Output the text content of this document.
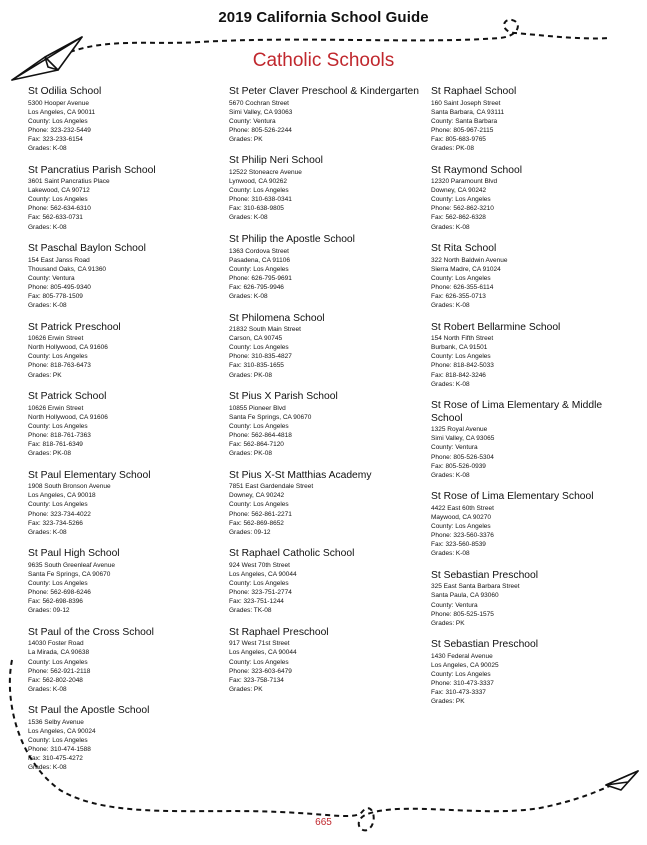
2019 California School Guide
Catholic Schools
St Odilia School
5300 Hooper Avenue
Los Angeles, CA 90011
County: Los Angeles
Phone: 323-232-5449
Fax: 323-233-6154
Grades: K-08
St Pancratius Parish School
3601 Saint Pancratius Place
Lakewood, CA 90712
County: Los Angeles
Phone: 562-634-6310
Fax: 562-633-0731
Grades: K-08
St Paschal Baylon School
154 East Janss Road
Thousand Oaks, CA 91360
County: Ventura
Phone: 805-495-9340
Fax: 805-778-1509
Grades: K-08
St Patrick Preschool
10626 Erwin Street
North Hollywood, CA 91606
County: Los Angeles
Phone: 818-763-6473
Grades: PK
St Patrick School
10626 Erwin Street
North Hollywood, CA 91606
County: Los Angeles
Phone: 818-761-7363
Fax: 818-761-6349
Grades: PK-08
St Paul Elementary School
1908 South Bronson Avenue
Los Angeles, CA 90018
County: Los Angeles
Phone: 323-734-4022
Fax: 323-734-5266
Grades: K-08
St Paul High School
9635 South Greenleaf Avenue
Santa Fe Springs, CA 90670
County: Los Angeles
Phone: 562-698-6246
Fax: 562-698-8396
Grades: 09-12
St Paul of the Cross School
14030 Foster Road
La Mirada, CA 90638
County: Los Angeles
Phone: 562-921-2118
Fax: 562-802-2048
Grades: K-08
St Paul the Apostle School
1536 Selby Avenue
Los Angeles, CA 90024
County: Los Angeles
Phone: 310-474-1588
Fax: 310-475-4272
Grades: K-08
St Peter Claver Preschool & Kindergarten
5670 Cochran Street
Simi Valley, CA 93063
County: Ventura
Phone: 805-526-2244
Grades: PK
St Philip Neri School
12522 Stoneacre Avenue
Lynwood, CA 90262
County: Los Angeles
Phone: 310-638-0341
Fax: 310-638-9805
Grades: K-08
St Philip the Apostle School
1363 Cordova Street
Pasadena, CA 91106
County: Los Angeles
Phone: 626-795-9691
Fax: 626-795-9946
Grades: K-08
St Philomena School
21832 South Main Street
Carson, CA 90745
County: Los Angeles
Phone: 310-835-4827
Fax: 310-835-1655
Grades: PK-08
St Pius X Parish School
10855 Pioneer Blvd
Santa Fe Springs, CA 90670
County: Los Angeles
Phone: 562-864-4818
Fax: 562-864-7120
Grades: PK-08
St Pius X-St Matthias Academy
7851 East Gardendale Street
Downey, CA 90242
County: Los Angeles
Phone: 562-861-2271
Fax: 562-869-8652
Grades: 09-12
St Raphael Catholic School
924 West 70th Street
Los Angeles, CA 90044
County: Los Angeles
Phone: 323-751-2774
Fax: 323-751-1244
Grades: TK-08
St Raphael Preschool
917 West 71st Street
Los Angeles, CA 90044
County: Los Angeles
Phone: 323-603-6479
Fax: 323-758-7134
Grades: PK
St Raphael School
160 Saint Joseph Street
Santa Barbara, CA 93111
County: Santa Barbara
Phone: 805-967-2115
Fax: 805-683-9765
Grades: PK-08
St Raymond School
12320 Paramount Blvd
Downey, CA 90242
County: Los Angeles
Phone: 562-862-3210
Fax: 562-862-6328
Grades: K-08
St Rita School
322 North Baldwin Avenue
Sierra Madre, CA 91024
County: Los Angeles
Phone: 626-355-6114
Fax: 626-355-0713
Grades: K-08
St Robert Bellarmine School
154 North Fifth Street
Burbank, CA 91501
County: Los Angeles
Phone: 818-842-5033
Fax: 818-842-3246
Grades: K-08
St Rose of Lima Elementary & Middle School
1325 Royal Avenue
Simi Valley, CA 93065
County: Ventura
Phone: 805-526-5304
Fax: 805-526-0939
Grades: K-08
St Rose of Lima Elementary School
4422 East 60th Street
Maywood, CA 90270
County: Los Angeles
Phone: 323-560-3376
Fax: 323-560-8539
Grades: K-08
St Sebastian Preschool
325 East Santa Barbara Street
Santa Paula, CA 93060
County: Ventura
Phone: 805-525-1575
Grades: PK
St Sebastian Preschool
1430 Federal Avenue
Los Angeles, CA 90025
County: Los Angeles
Phone: 310-473-3337
Fax: 310-473-3337
Grades: PK
665
